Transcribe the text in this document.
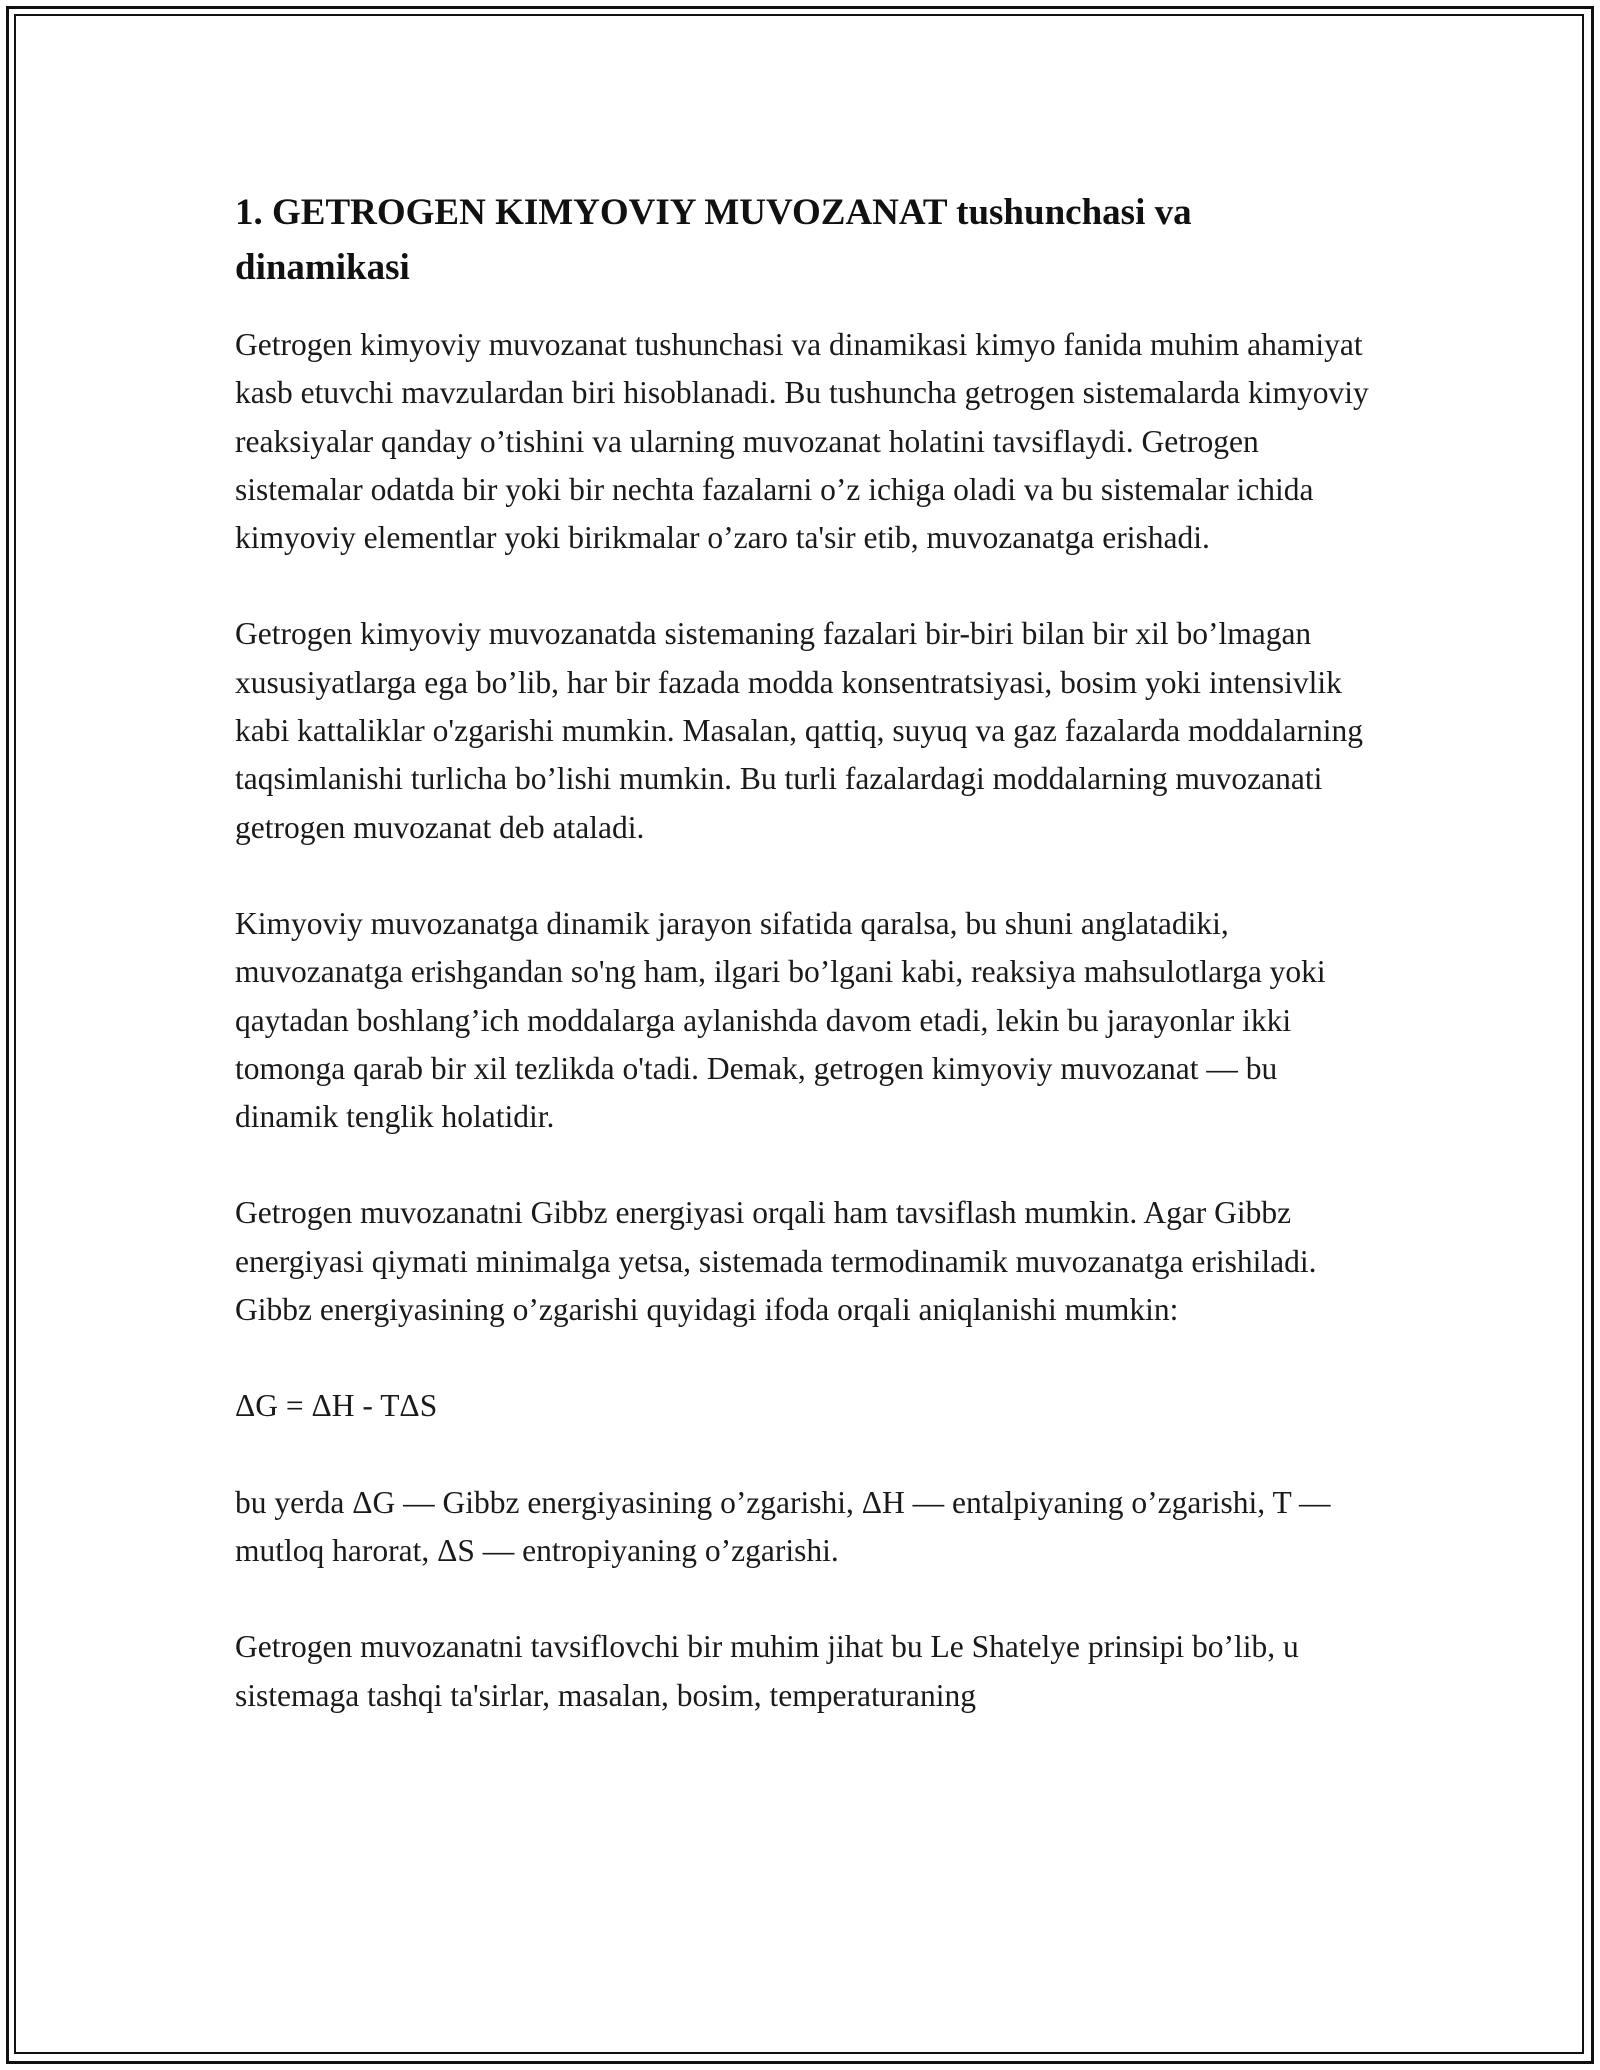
1. GETROGEN KIMYOVIY MUVOZANAT tushunchasi va dinamikasi

Getrogen kimyoviy muvozanat tushunchasi va dinamikasi kimyo fanida muhim ahamiyat kasb etuvchi mavzulardan biri hisoblanadi. Bu tushuncha getrogen sistemalarda kimyoviy reaksiyalar qanday o’tishini va ularning muvozanat holatini tavsiflaydi. Getrogen sistemalar odatda bir yoki bir nechta fazalarni o’z ichiga oladi va bu sistemalar ichida kimyoviy elementlar yoki birikmalar o’zaro ta'sir etib, muvozanatga erishadi.

Getrogen kimyoviy muvozanatda sistemaning fazalari bir-biri bilan bir xil bo’lmagan xususiyatlarga ega bo’lib, har bir fazada modda konsentratsiyasi, bosim yoki intensivlik kabi kattaliklar o'zgarishi mumkin. Masalan, qattiq, suyuq va gaz fazalarda moddalarning taqsimlanishi turlicha bo’lishi mumkin. Bu turli fazalardagi moddalarning muvozanati getrogen muvozanat deb ataladi.

Kimyoviy muvozanatga dinamik jarayon sifatida qaralsa, bu shuni anglatadiki, muvozanatga erishgandan so'ng ham, ilgari bo’lgani kabi, reaksiya mahsulotlarga yoki qaytadan boshlang’ich moddalarga aylanishda davom etadi, lekin bu jarayonlar ikki tomonga qarab bir xil tezlikda o'tadi. Demak, getrogen kimyoviy muvozanat — bu dinamik tenglik holatidir.

Getrogen muvozanatni Gibbz energiyasi orqali ham tavsiflash mumkin. Agar Gibbz energiyasi qiymati minimalga yetsa, sistemada termodinamik muvozanatga erishiladi. Gibbz energiyasining o’zgarishi quyidagi ifoda orqali aniqlanishi mumkin:

ΔG = ΔH - TΔS

bu yerda ΔG — Gibbz energiyasining o’zgarishi, ΔH — entalpiyaning o’zgarishi, T — mutloq harorat, ΔS — entropiyaning o’zgarishi.

Getrogen muvozanatni tavsiflovchi bir muhim jihat bu Le Shatelye prinsipi bo’lib, u sistemaga tashqi ta'sirlar, masalan, bosim, temperaturaning
